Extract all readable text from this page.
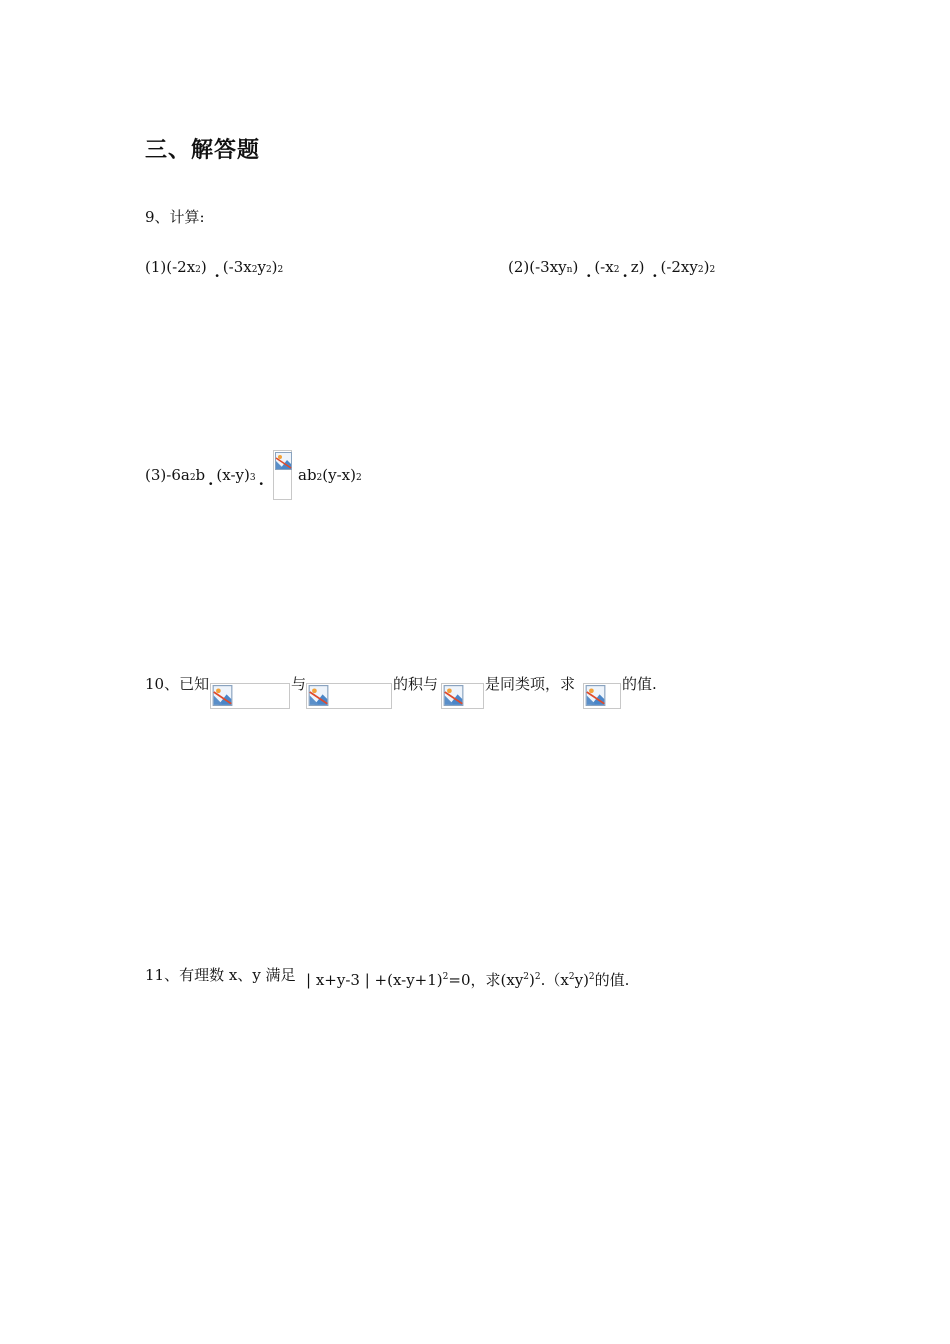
三、解答题
9、计算:
(1)(-2x2) . (-3x2y2)2	(2)(-3xyn) . (-x2 . z) . (-2xy2)2
(3)-6a2b . (x-y)3 . ab2(y-x)2
10、已知	与	的积与	是同类项，求	的值.
11、有理数 x、y 满足 | x+y-3 | $+(x-y+1)^2=0$，求$(xy^2)^2.(x^2y)^2$的值.
